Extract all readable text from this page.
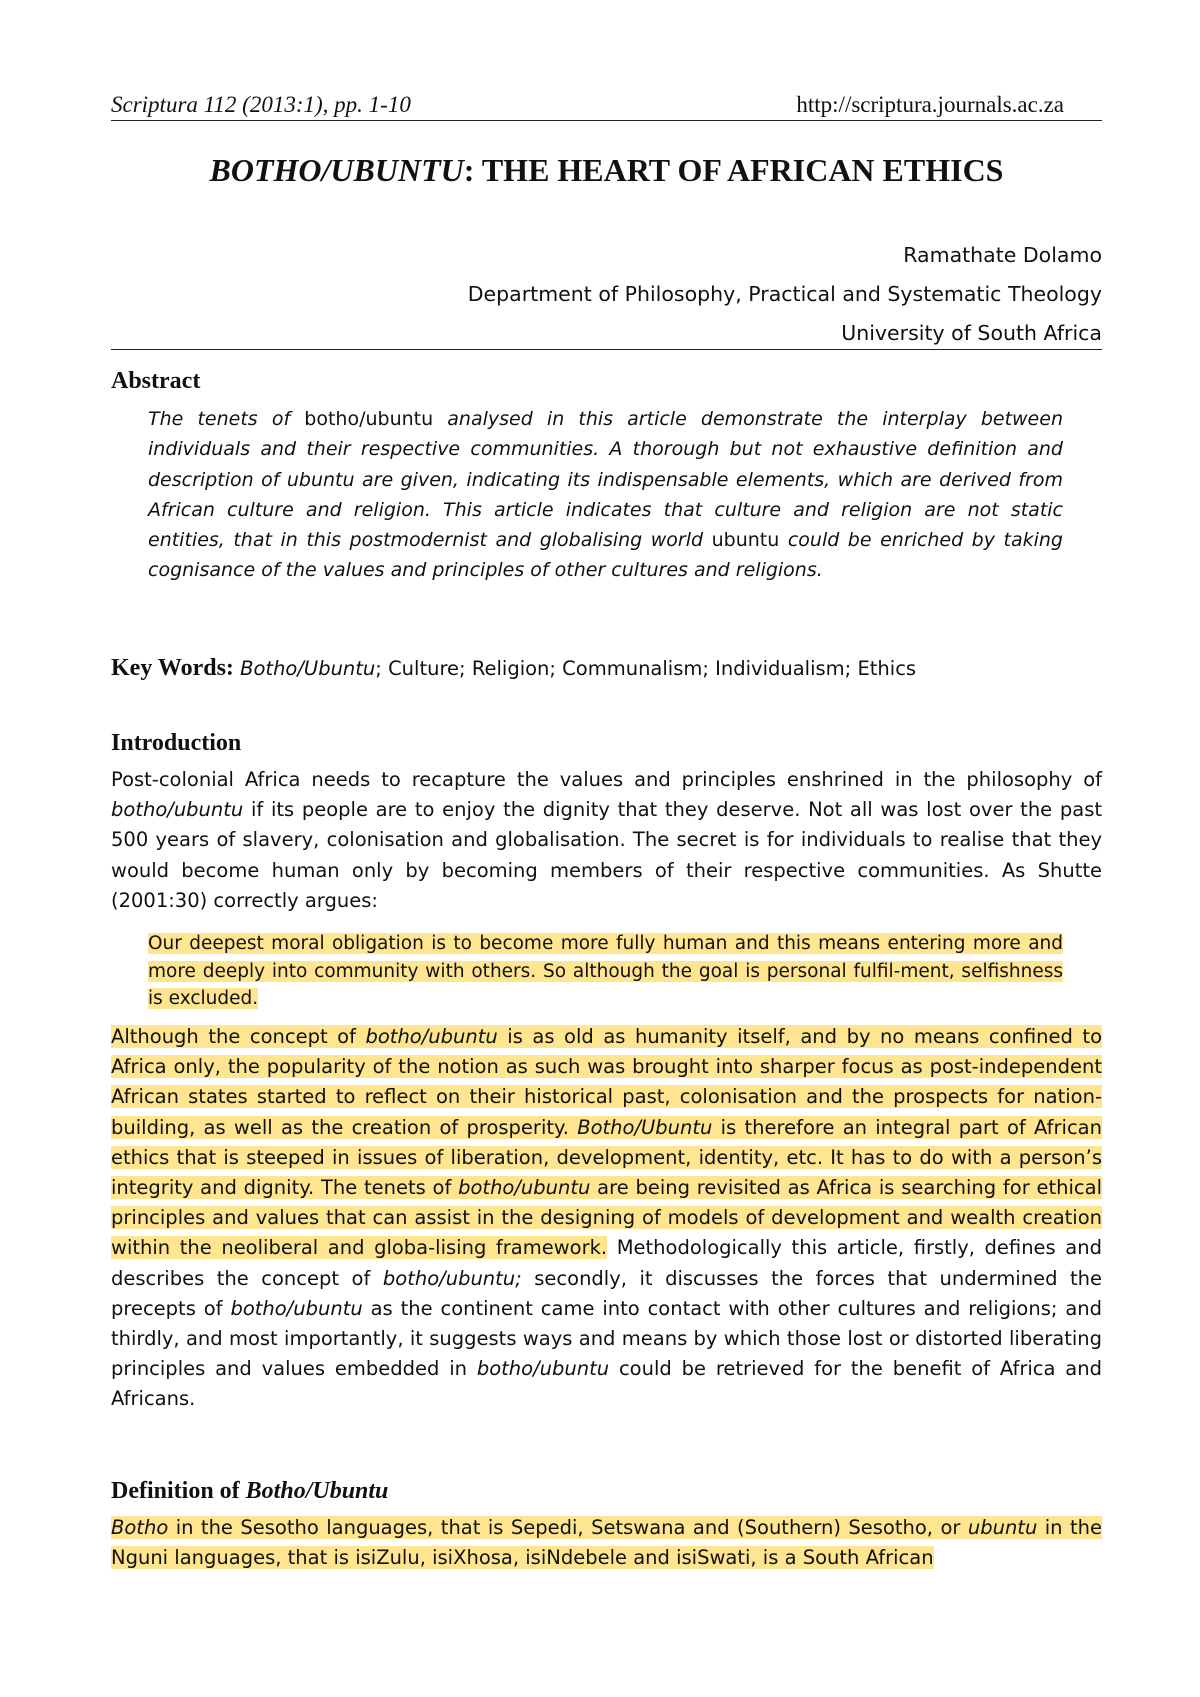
Scriptura 112 (2013:1), pp. 1-10	http://scriptura.journals.ac.za
BOTHO/UBUNTU: THE HEART OF AFRICAN ETHICS
Ramathate Dolamo
Department of Philosophy, Practical and Systematic Theology
University of South Africa
Abstract
The tenets of botho/ubuntu analysed in this article demonstrate the interplay between individuals and their respective communities. A thorough but not exhaustive definition and description of ubuntu are given, indicating its indispensable elements, which are derived from African culture and religion. This article indicates that culture and religion are not static entities, that in this postmodernist and globalising world ubuntu could be enriched by taking cognisance of the values and principles of other cultures and religions.
Key Words: Botho/Ubuntu; Culture; Religion; Communalism; Individualism; Ethics
Introduction
Post-colonial Africa needs to recapture the values and principles enshrined in the philosophy of botho/ubuntu if its people are to enjoy the dignity that they deserve. Not all was lost over the past 500 years of slavery, colonisation and globalisation. The secret is for individuals to realise that they would become human only by becoming members of their respective communities. As Shutte (2001:30) correctly argues:
Our deepest moral obligation is to become more fully human and this means entering more and more deeply into community with others. So although the goal is personal fulfil-ment, selfishness is excluded.
Although the concept of botho/ubuntu is as old as humanity itself, and by no means confined to Africa only, the popularity of the notion as such was brought into sharper focus as post-independent African states started to reflect on their historical past, colonisation and the prospects for nation-building, as well as the creation of prosperity. Botho/Ubuntu is therefore an integral part of African ethics that is steeped in issues of liberation, development, identity, etc. It has to do with a person’s integrity and dignity. The tenets of botho/ubuntu are being revisited as Africa is searching for ethical principles and values that can assist in the designing of models of development and wealth creation within the neoliberal and globa-lising framework. Methodologically this article, firstly, defines and describes the concept of botho/ubuntu; secondly, it discusses the forces that undermined the precepts of botho/ubuntu as the continent came into contact with other cultures and religions; and thirdly, and most importantly, it suggests ways and means by which those lost or distorted liberating principles and values embedded in botho/ubuntu could be retrieved for the benefit of Africa and Africans.
Definition of Botho/Ubuntu
Botho in the Sesotho languages, that is Sepedi, Setswana and (Southern) Sesotho, or ubuntu in the Nguni languages, that is isiZulu, isiXhosa, isiNdebele and isiSwati, is a South African
